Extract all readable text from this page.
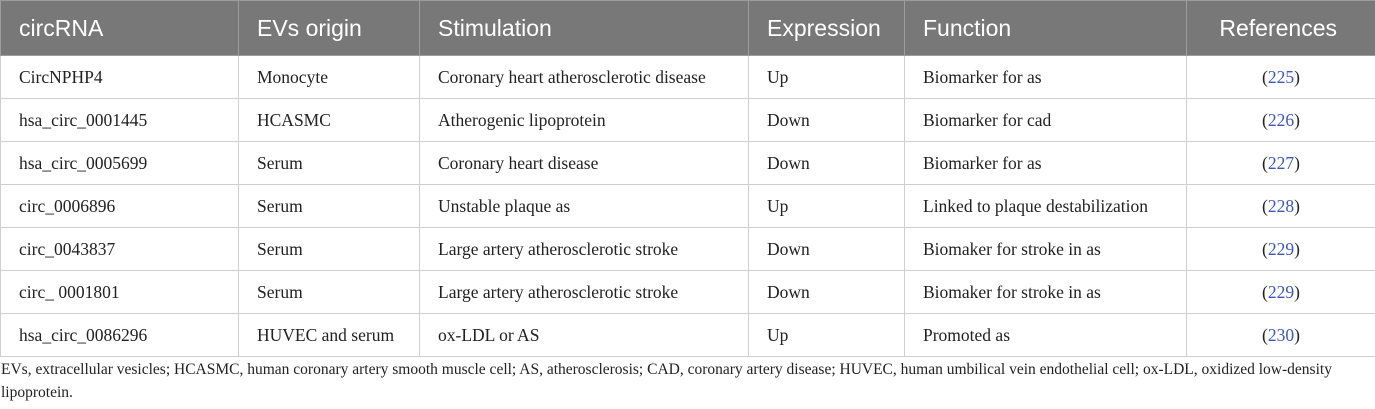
circRNA	EVs origin	Stimulation	Expression	Function	References
CircNPHP4	Monocyte	Coronary heart atherosclerotic disease	Up	Biomarker for as	(225)
hsa_circ_0001445	HCASMC	Atherogenic lipoprotein	Down	Biomarker for cad	(226)
hsa_circ_0005699	Serum	Coronary heart disease	Down	Biomarker for as	(227)
circ_0006896	Serum	Unstable plaque as	Up	Linked to plaque destabilization	(228)
circ_0043837	Serum	Large artery atherosclerotic stroke	Down	Biomaker for stroke in as	(229)
circ_ 0001801	Serum	Large artery atherosclerotic stroke	Down	Biomaker for stroke in as	(229)
hsa_circ_0086296	HUVEC and serum	ox-LDL or AS	Up	Promoted as	(230)
EVs, extracellular vesicles; HCASMC, human coronary artery smooth muscle cell; AS, atherosclerosis; CAD, coronary artery disease; HUVEC, human umbilical vein endothelial cell; ox-LDL, oxidized low-density lipoprotein.
